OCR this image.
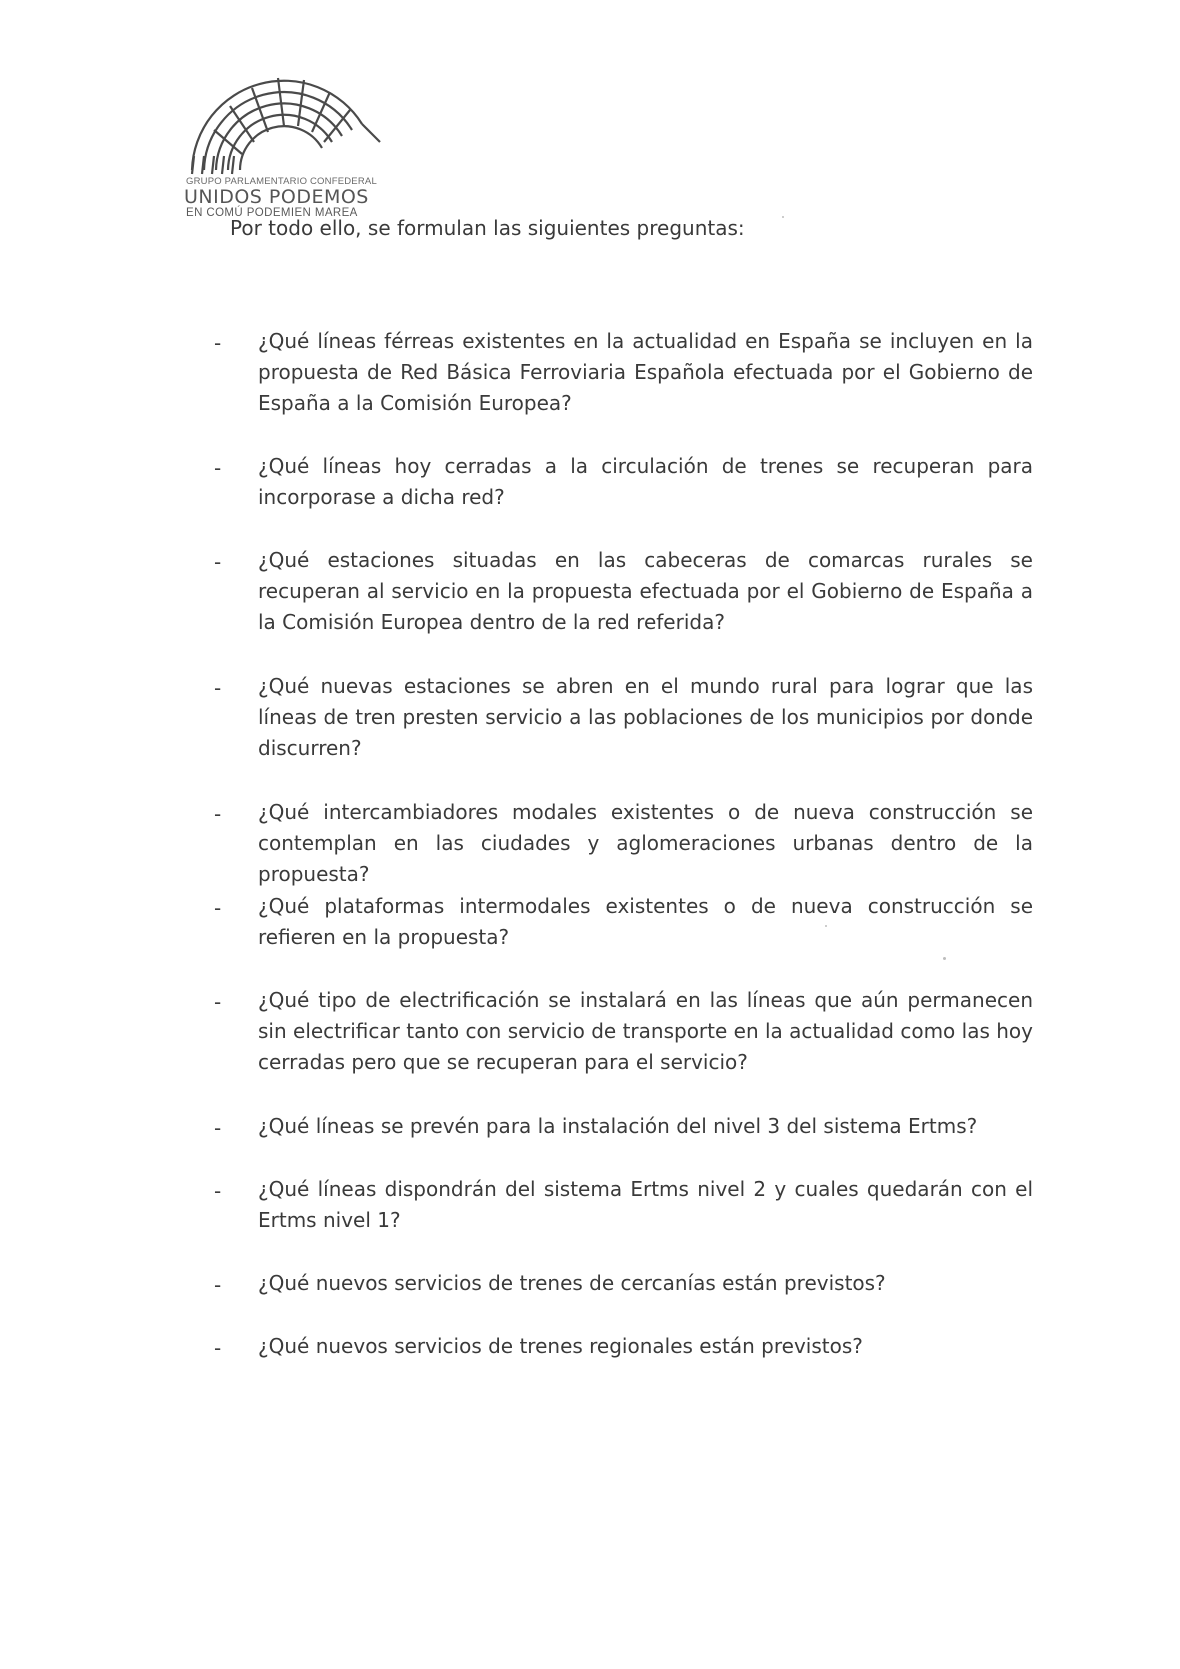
GRUPO PARLAMENTARIO CONFEDERAL
UNIDOS PODEMOS
EN COMÚ PODEMIEN MAREA
Por todo ello, se formulan las siguientes preguntas:
-	¿Qué líneas férreas existentes en la actualidad en España se incluyen en la propuesta de Red Básica Ferroviaria Española efectuada por el Gobierno de España a la Comisión Europea?
-	¿Qué líneas hoy cerradas a la circulación de trenes se recuperan para incorporase a dicha red?
-	¿Qué estaciones situadas en las cabeceras de comarcas rurales se recuperan al servicio en la propuesta efectuada por el Gobierno de España a la Comisión Europea dentro de la red referida?
-	¿Qué nuevas estaciones se abren en el mundo rural para lograr que las líneas de tren presten servicio a las poblaciones de los municipios por donde discurren?
-	¿Qué intercambiadores modales existentes o de nueva construcción se contemplan en las ciudades y aglomeraciones urbanas dentro de la propuesta?
-	¿Qué plataformas intermodales existentes o de nueva construcción se refieren en la propuesta?
-	¿Qué tipo de electrificación se instalará en las líneas que aún permanecen sin electrificar tanto con servicio de transporte en la actualidad como las hoy cerradas pero que se recuperan para el servicio?
-	¿Qué líneas se prevén para la instalación del nivel 3 del sistema Ertms?
-	¿Qué líneas dispondrán del sistema Ertms nivel 2 y cuales quedarán con el Ertms nivel 1?
-	¿Qué nuevos servicios de trenes de cercanías están previstos?
-	¿Qué nuevos servicios de trenes regionales están previstos?
